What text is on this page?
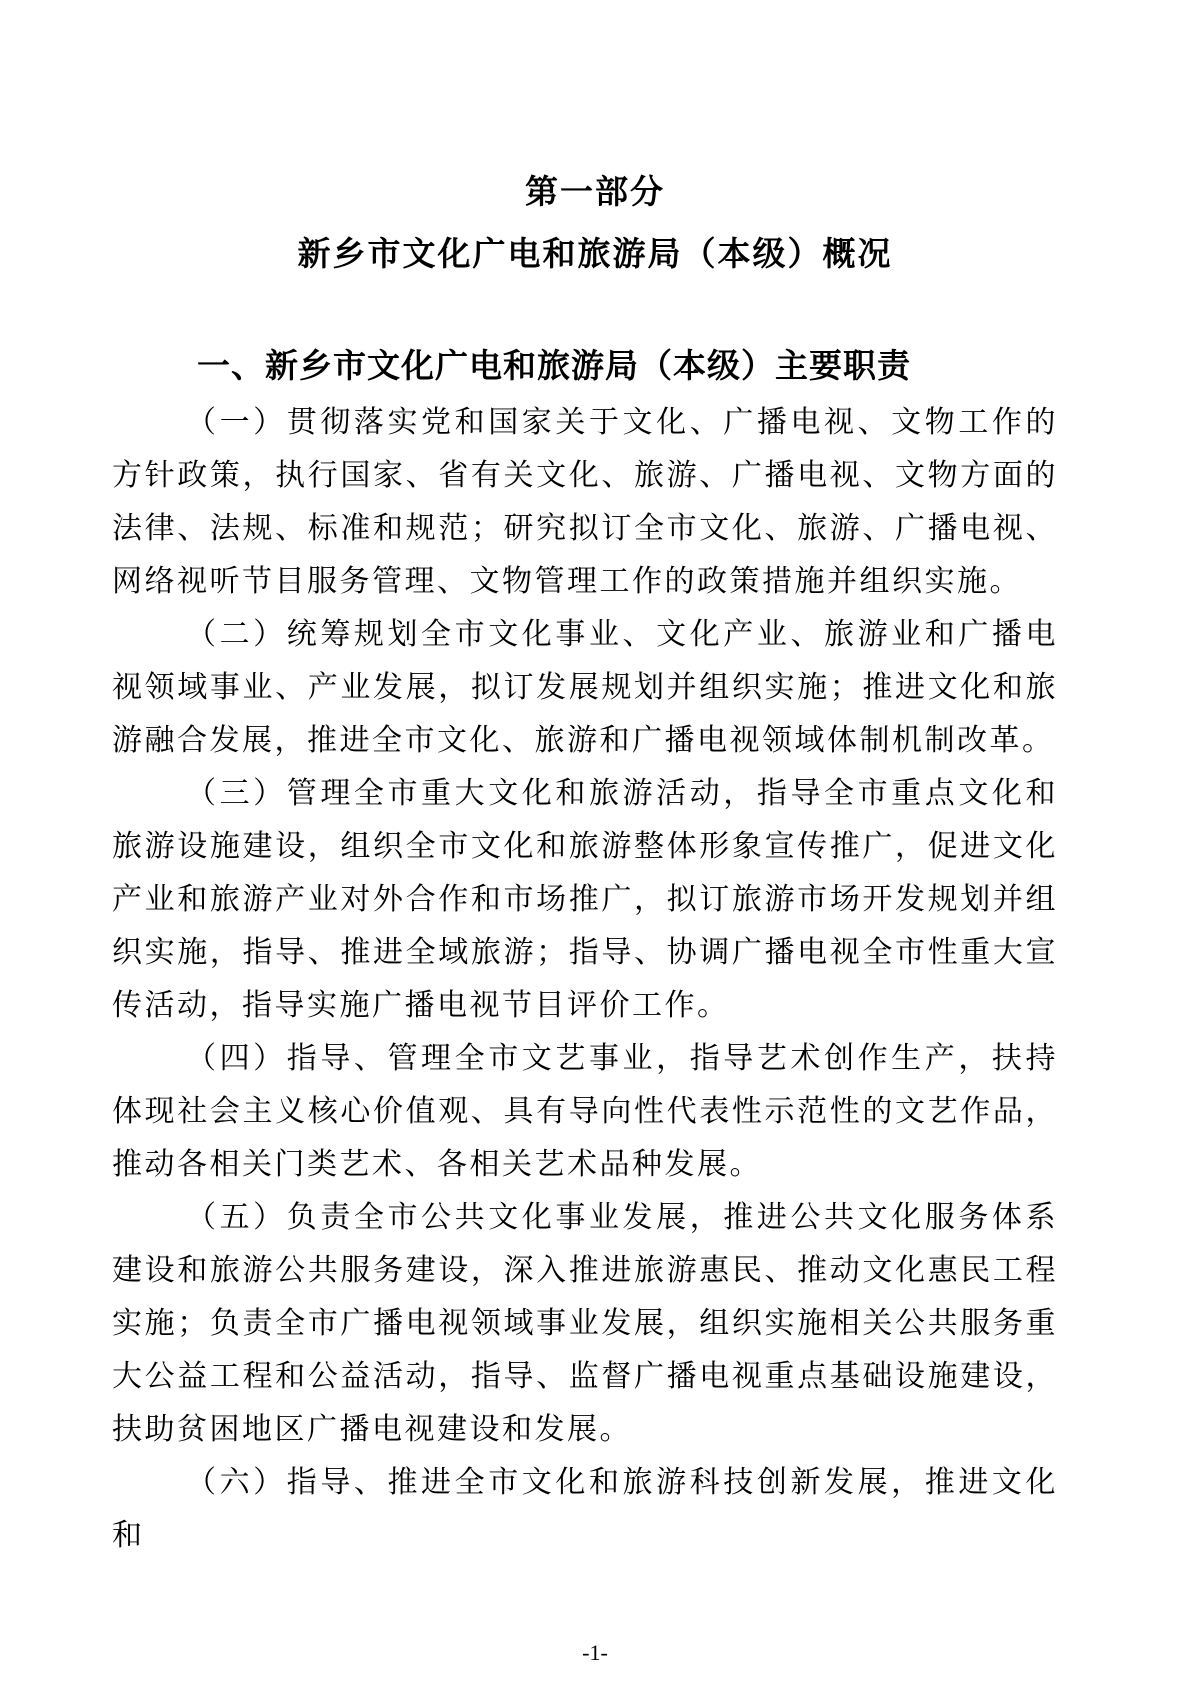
第一部分
新乡市文化广电和旅游局（本级）概况
一、新乡市文化广电和旅游局（本级）主要职责

（一）贯彻落实党和国家关于文化、广播电视、文物工作的方针政策，执行国家、省有关文化、旅游、广播电视、文物方面的法律、法规、标准和规范；研究拟订全市文化、旅游、广播电视、网络视听节目服务管理、文物管理工作的政策措施并组织实施。

（二）统筹规划全市文化事业、文化产业、旅游业和广播电视领域事业、产业发展，拟订发展规划并组织实施；推进文化和旅游融合发展，推进全市文化、旅游和广播电视领域体制机制改革。

（三）管理全市重大文化和旅游活动，指导全市重点文化和旅游设施建设，组织全市文化和旅游整体形象宣传推广，促进文化产业和旅游产业对外合作和市场推广，拟订旅游市场开发规划并组织实施，指导、推进全域旅游；指导、协调广播电视全市性重大宣传活动，指导实施广播电视节目评价工作。

（四）指导、管理全市文艺事业，指导艺术创作生产，扶持体现社会主义核心价值观、具有导向性代表性示范性的文艺作品，推动各相关门类艺术、各相关艺术品种发展。

（五）负责全市公共文化事业发展，推进公共文化服务体系建设和旅游公共服务建设，深入推进旅游惠民、推动文化惠民工程实施；负责全市广播电视领域事业发展，组织实施相关公共服务重大公益工程和公益活动，指导、监督广播电视重点基础设施建设，扶助贫困地区广播电视建设和发展。

（六）指导、推进全市文化和旅游科技创新发展，推进文化和

-1-
